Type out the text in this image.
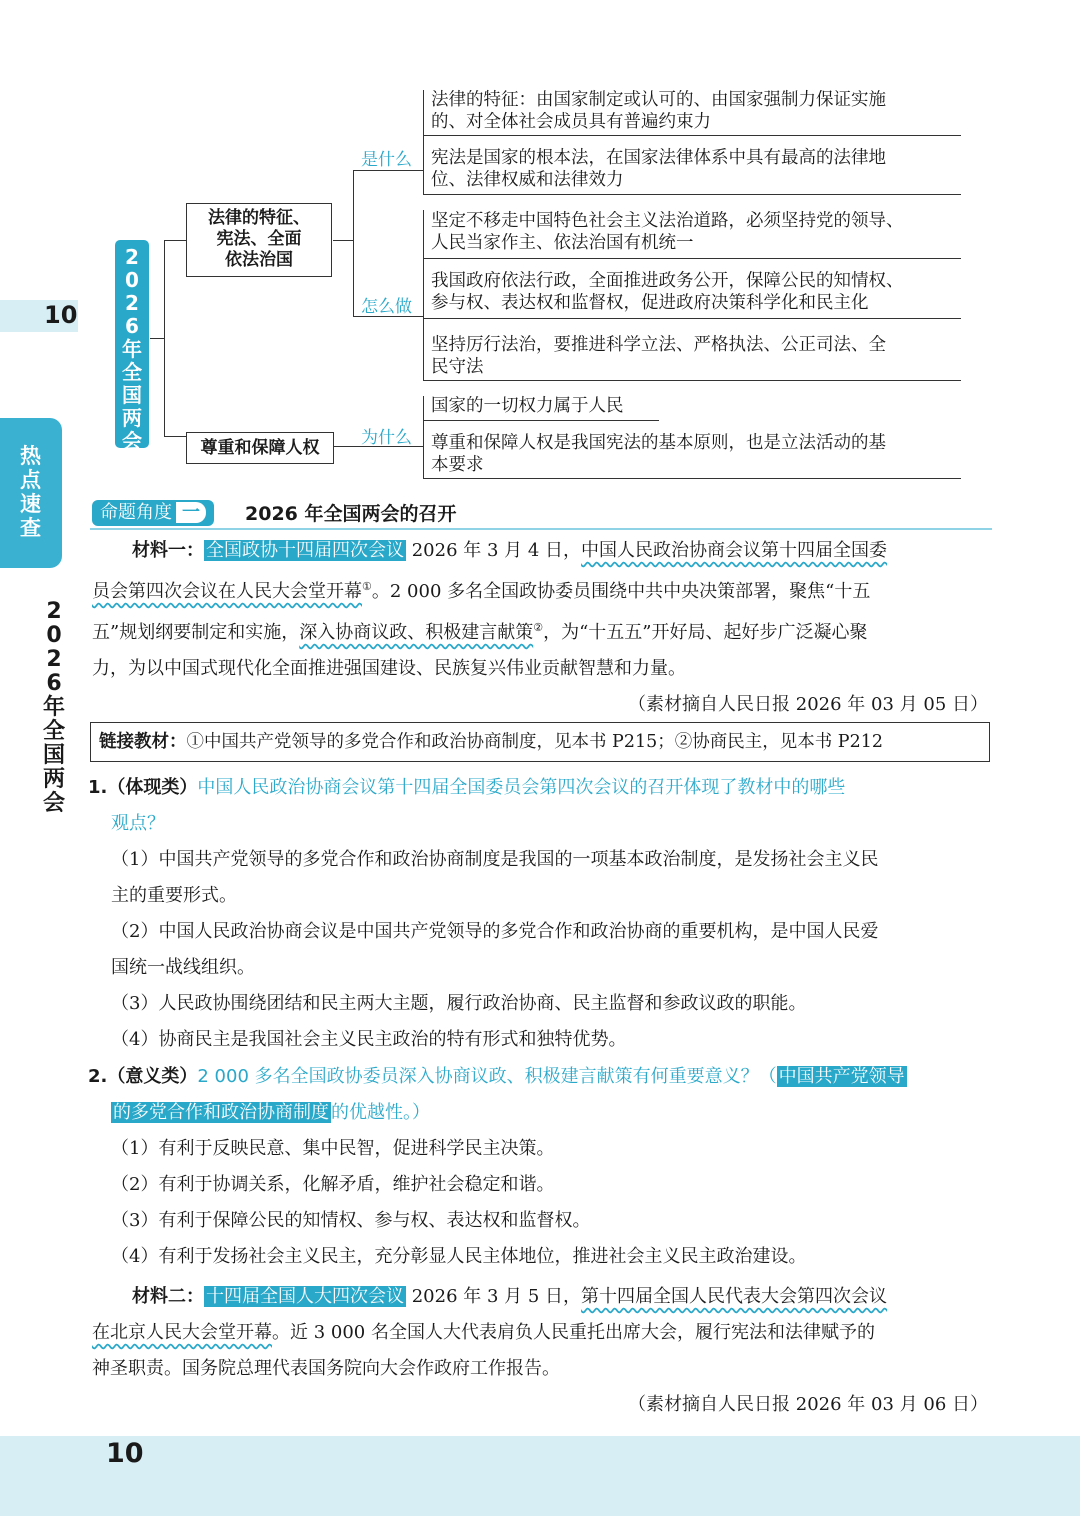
10
热点速查
2026年全国两会
2026年全国两会
法律的特征、
宪法、全面
依法治国
尊重和保障人权
是什么
怎么做
法律的特征：由国家制定或认可的、由国家强制力保证实施
的、对全体社会成员具有普遍约束力
宪法是国家的根本法，在国家法律体系中具有最高的法律地
位、法律权威和法律效力
坚定不移走中国特色社会主义法治道路，必须坚持党的领导、
人民当家作主、依法治国有机统一
我国政府依法行政，全面推进政务公开，保障公民的知情权、
参与权、表达权和监督权，促进政府决策科学化和民主化
坚持厉行法治，要推进科学立法、严格执法、公正司法、全
民守法
为什么
国家的一切权力属于人民
尊重和保障人权是我国宪法的基本原则，也是立法活动的基
本要求
命题角度 一	2026 年全国两会的召开
材料一： 全国政协十四届四次会议 2026 年 3 月 4 日，中国人民政治协商会议第十四届全国委
员会第四次会议在人民大会堂开幕①。2 000 多名全国政协委员围绕中共中央决策部署，聚焦“十五
五”规划纲要制定和实施，深入协商议政、积极建言献策②，为“十五五”开好局、起好步广泛凝心聚
力，为以中国式现代化全面推进强国建设、民族复兴伟业贡献智慧和力量。
（素材摘自人民日报 2026 年 03 月 05 日）
链接教材：①中国共产党领导的多党合作和政治协商制度，见本书 P215；②协商民主，见本书 P212
1.（体现类）中国人民政治协商会议第十四届全国委员会第四次会议的召开体现了教材中的哪些
观点？
（1）中国共产党领导的多党合作和政治协商制度是我国的一项基本政治制度，是发扬社会主义民
主的重要形式。
（2）中国人民政治协商会议是中国共产党领导的多党合作和政治协商的重要机构，是中国人民爱
国统一战线组织。
（3）人民政协围绕团结和民主两大主题，履行政治协商、民主监督和参政议政的职能。
（4）协商民主是我国社会主义民主政治的特有形式和独特优势。
2.（意义类）2 000 多名全国政协委员深入协商议政、积极建言献策有何重要意义？（ 中国共产党领导
的多党合作和政治协商制度 的优越性。）
（1）有利于反映民意、集中民智，促进科学民主决策。
（2）有利于协调关系，化解矛盾，维护社会稳定和谐。
（3）有利于保障公民的知情权、参与权、表达权和监督权。
（4）有利于发扬社会主义民主，充分彰显人民主体地位，推进社会主义民主政治建设。
材料二： 十四届全国人大四次会议 2026 年 3 月 5 日，第十四届全国人民代表大会第四次会议
在北京人民大会堂开幕。近 3 000 名全国人大代表肩负人民重托出席大会，履行宪法和法律赋予的
神圣职责。国务院总理代表国务院向大会作政府工作报告。
（素材摘自人民日报 2026 年 03 月 06 日）
10
